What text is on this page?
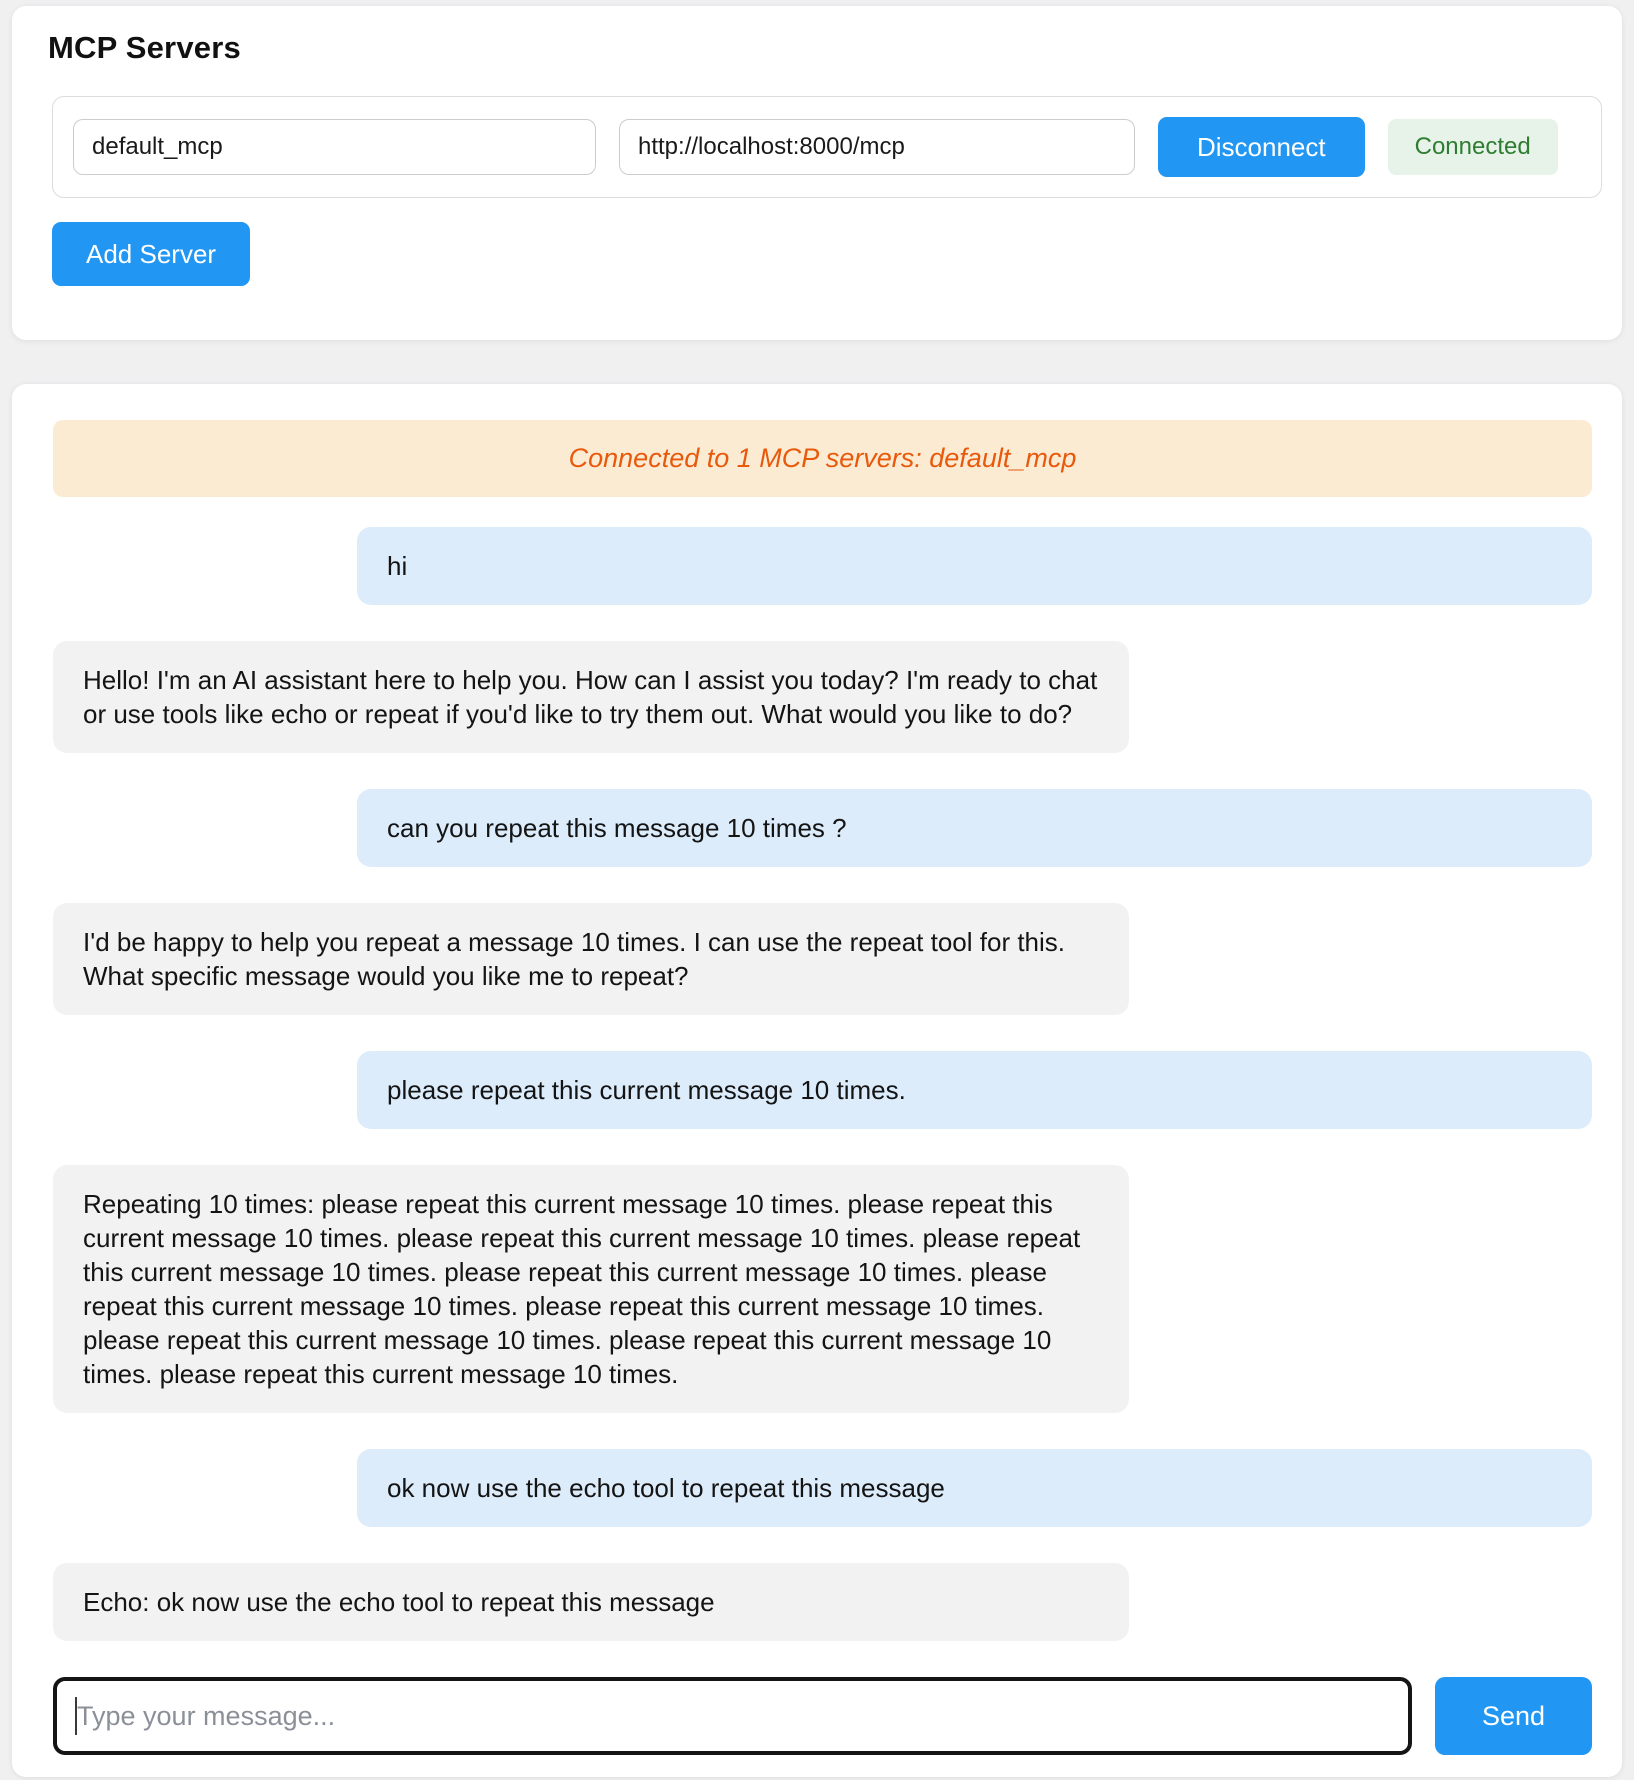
MCP Servers
default_mcp
http://localhost:8000/mcp
Disconnect	Connected
Add Server
Connected to 1 MCP servers: default_mcp
hi
Hello! I'm an AI assistant here to help you. How can I assist you today? I'm ready to chat or use tools like echo or repeat if you'd like to try them out. What would you like to do?
can you repeat this message 10 times ?
I'd be happy to help you repeat a message 10 times. I can use the repeat tool for this. What specific message would you like me to repeat?
please repeat this current message 10 times.
Repeating 10 times: please repeat this current message 10 times. please repeat this current message 10 times. please repeat this current message 10 times. please repeat this current message 10 times. please repeat this current message 10 times. please repeat this current message 10 times. please repeat this current message 10 times. please repeat this current message 10 times. please repeat this current message 10 times. please repeat this current message 10 times.
ok now use the echo tool to repeat this message
Echo: ok now use the echo tool to repeat this message
Type your message...
Send
